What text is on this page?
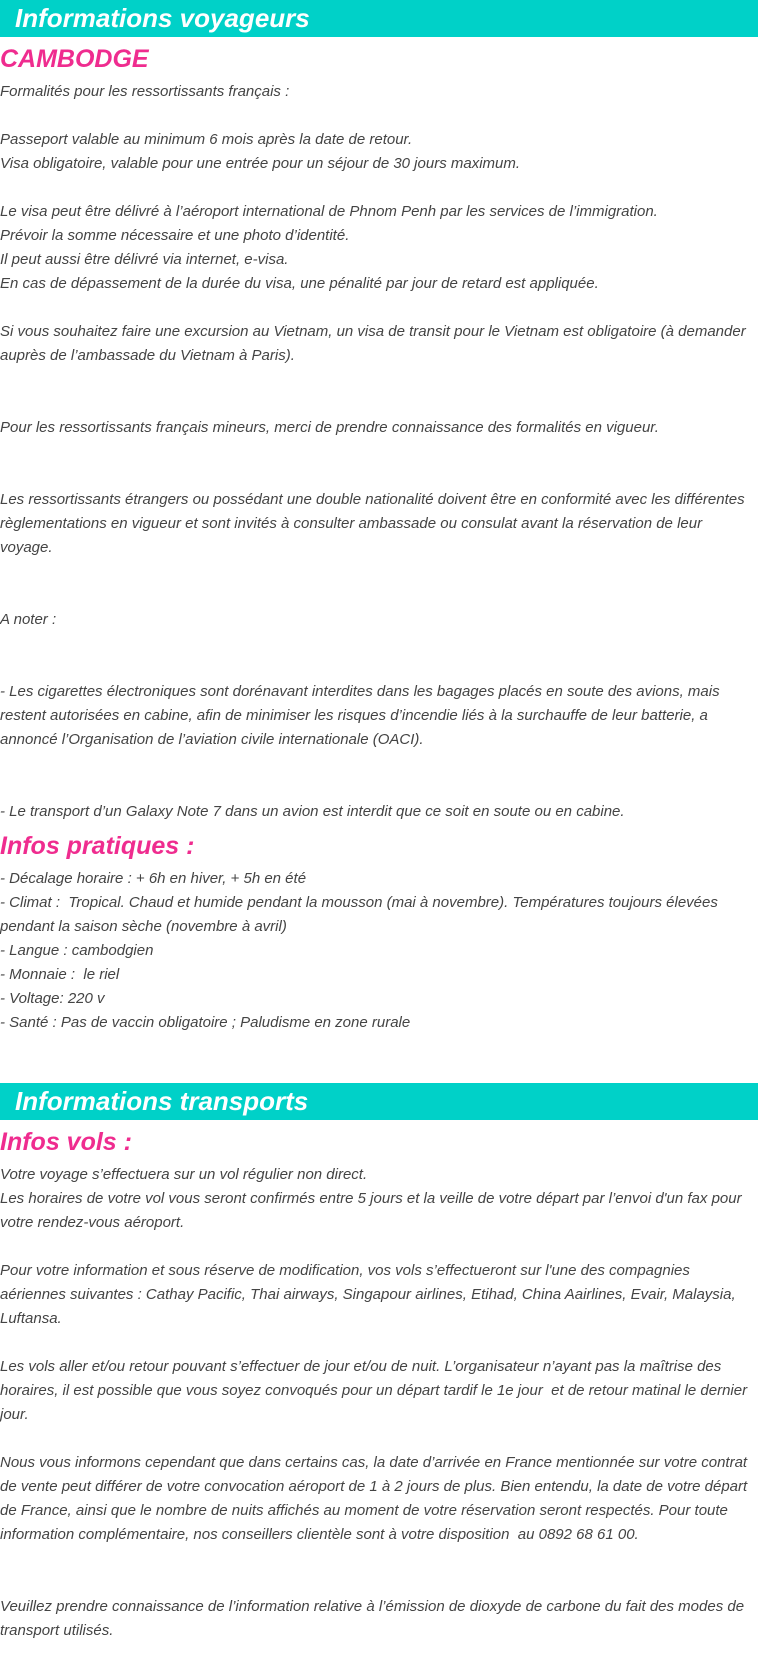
Informations voyageurs
CAMBODGE

Formalités pour les ressortissants français :

Passeport valable au minimum 6 mois après la date de retour.

Visa obligatoire, valable pour une entrée pour un séjour de 30 jours maximum.

Le visa peut être délivré à l’aéroport international de Phnom Penh par les services de l’immigration.

Prévoir la somme nécessaire et une photo d’identité.

Il peut aussi être délivré via internet, e-visa.

En cas de dépassement de la durée du visa, une pénalité par jour de retard est appliquée.

Si vous souhaitez faire une excursion au Vietnam, un visa de transit pour le Vietnam est obligatoire (à demander auprès de l’ambassade du Vietnam à Paris).

Pour les ressortissants français mineurs, merci de prendre connaissance des formalités en vigueur.

Les ressortissants étrangers ou possédant une double nationalité doivent être en conformité avec les différentes règlementations en vigueur et sont invités à consulter ambassade ou consulat avant la réservation de leur voyage.

A noter :

- Les cigarettes électroniques sont dorénavant interdites dans les bagages placés en soute des avions, mais restent autorisées en cabine, afin de minimiser les risques d’incendie liés à la surchauffe de leur batterie, a annoncé l’Organisation de l’aviation civile internationale (OACI).

- Le transport d’un Galaxy Note 7 dans un avion est interdit que ce soit en soute ou en cabine.

Infos pratiques :

- Décalage horaire : + 6h en hiver, + 5h en été

- Climat :  Tropical. Chaud et humide pendant la mousson (mai à novembre). Températures toujours élevées pendant la saison sèche (novembre à avril)

- Langue : cambodgien

- Monnaie :  le riel

- Voltage: 220 v

- Santé : Pas de vaccin obligatoire ; Paludisme en zone rurale

Informations transports
Infos vols :

Votre voyage s’effectuera sur un vol régulier non direct.

Les horaires de votre vol vous seront confirmés entre 5 jours et la veille de votre départ par l’envoi d'un fax pour votre rendez-vous aéroport.

Pour votre information et sous réserve de modification, vos vols s’effectueront sur l'une des compagnies aériennes suivantes : Cathay Pacific, Thai airways, Singapour airlines, Etihad, China Aairlines, Evair, Malaysia, Luftansa.

Les vols aller et/ou retour pouvant s’effectuer de jour et/ou de nuit. L’organisateur n’ayant pas la maîtrise des horaires, il est possible que vous soyez convoqués pour un départ tardif le 1e jour  et de retour matinal le dernier jour.

Nous vous informons cependant que dans certains cas, la date d’arrivée en France mentionnée sur votre contrat de vente peut différer de votre convocation aéroport de 1 à 2 jours de plus. Bien entendu, la date de votre départ de France, ainsi que le nombre de nuits affichés au moment de votre réservation seront respectés. Pour toute information complémentaire, nos conseillers clientèle sont à votre disposition  au 0892 68 61 00.

Veuillez prendre connaissance de l’information relative à l’émission de dioxyde de carbone du fait des modes de transport utilisés.
